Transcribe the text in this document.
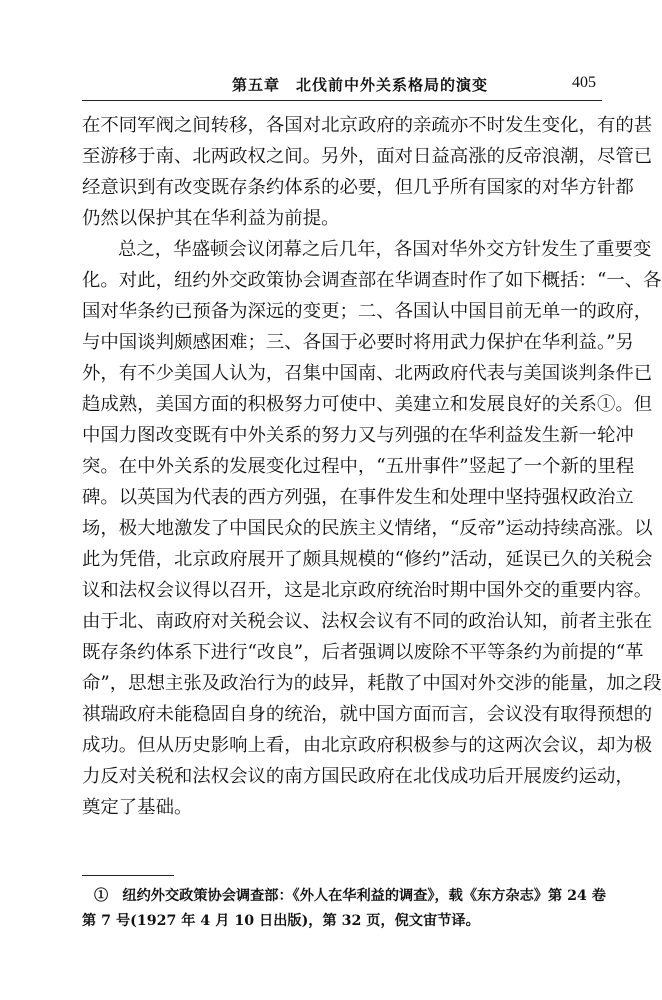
第五章　北伐前中外关系格局的演变	405
在不同军阀之间转移，各国对北京政府的亲疏亦不时发生变化，有的甚
至游移于南、北两政权之间。另外，面对日益高涨的反帝浪潮，尽管已
经意识到有改变既存条约体系的必要，但几乎所有国家的对华方针都
仍然以保护其在华利益为前提。
总之，华盛顿会议闭幕之后几年，各国对华外交方针发生了重要变
化。对此，纽约外交政策协会调查部在华调查时作了如下概括：“一、各
国对华条约已预备为深远的变更；二、各国认中国目前无单一的政府，
与中国谈判颇感困难；三、各国于必要时将用武力保护在华利益。”另
外，有不少美国人认为，召集中国南、北两政府代表与美国谈判条件已
趋成熟，美国方面的积极努力可使中、美建立和发展良好的关系①。但
中国力图改变既有中外关系的努力又与列强的在华利益发生新一轮冲
突。在中外关系的发展变化过程中，“五卅事件”竖起了一个新的里程
碑。以英国为代表的西方列强，在事件发生和处理中坚持强权政治立
场，极大地激发了中国民众的民族主义情绪，“反帝”运动持续高涨。以
此为凭借，北京政府展开了颇具规模的“修约”活动，延误已久的关税会
议和法权会议得以召开，这是北京政府统治时期中国外交的重要内容。
由于北、南政府对关税会议、法权会议有不同的政治认知，前者主张在
既存条约体系下进行“改良”，后者强调以废除不平等条约为前提的“革
命”，思想主张及政治行为的歧异，耗散了中国对外交涉的能量，加之段
祺瑞政府未能稳固自身的统治，就中国方面而言，会议没有取得预想的
成功。但从历史影响上看，由北京政府积极参与的这两次会议，却为极
力反对关税和法权会议的南方国民政府在北伐成功后开展废约运动，
奠定了基础。
①　纽约外交政策协会调查部：《外人在华利益的调查》，载《东方杂志》第 24 卷
第 7 号(1927 年 4 月 10 日出版)，第 32 页，倪文宙节译。
